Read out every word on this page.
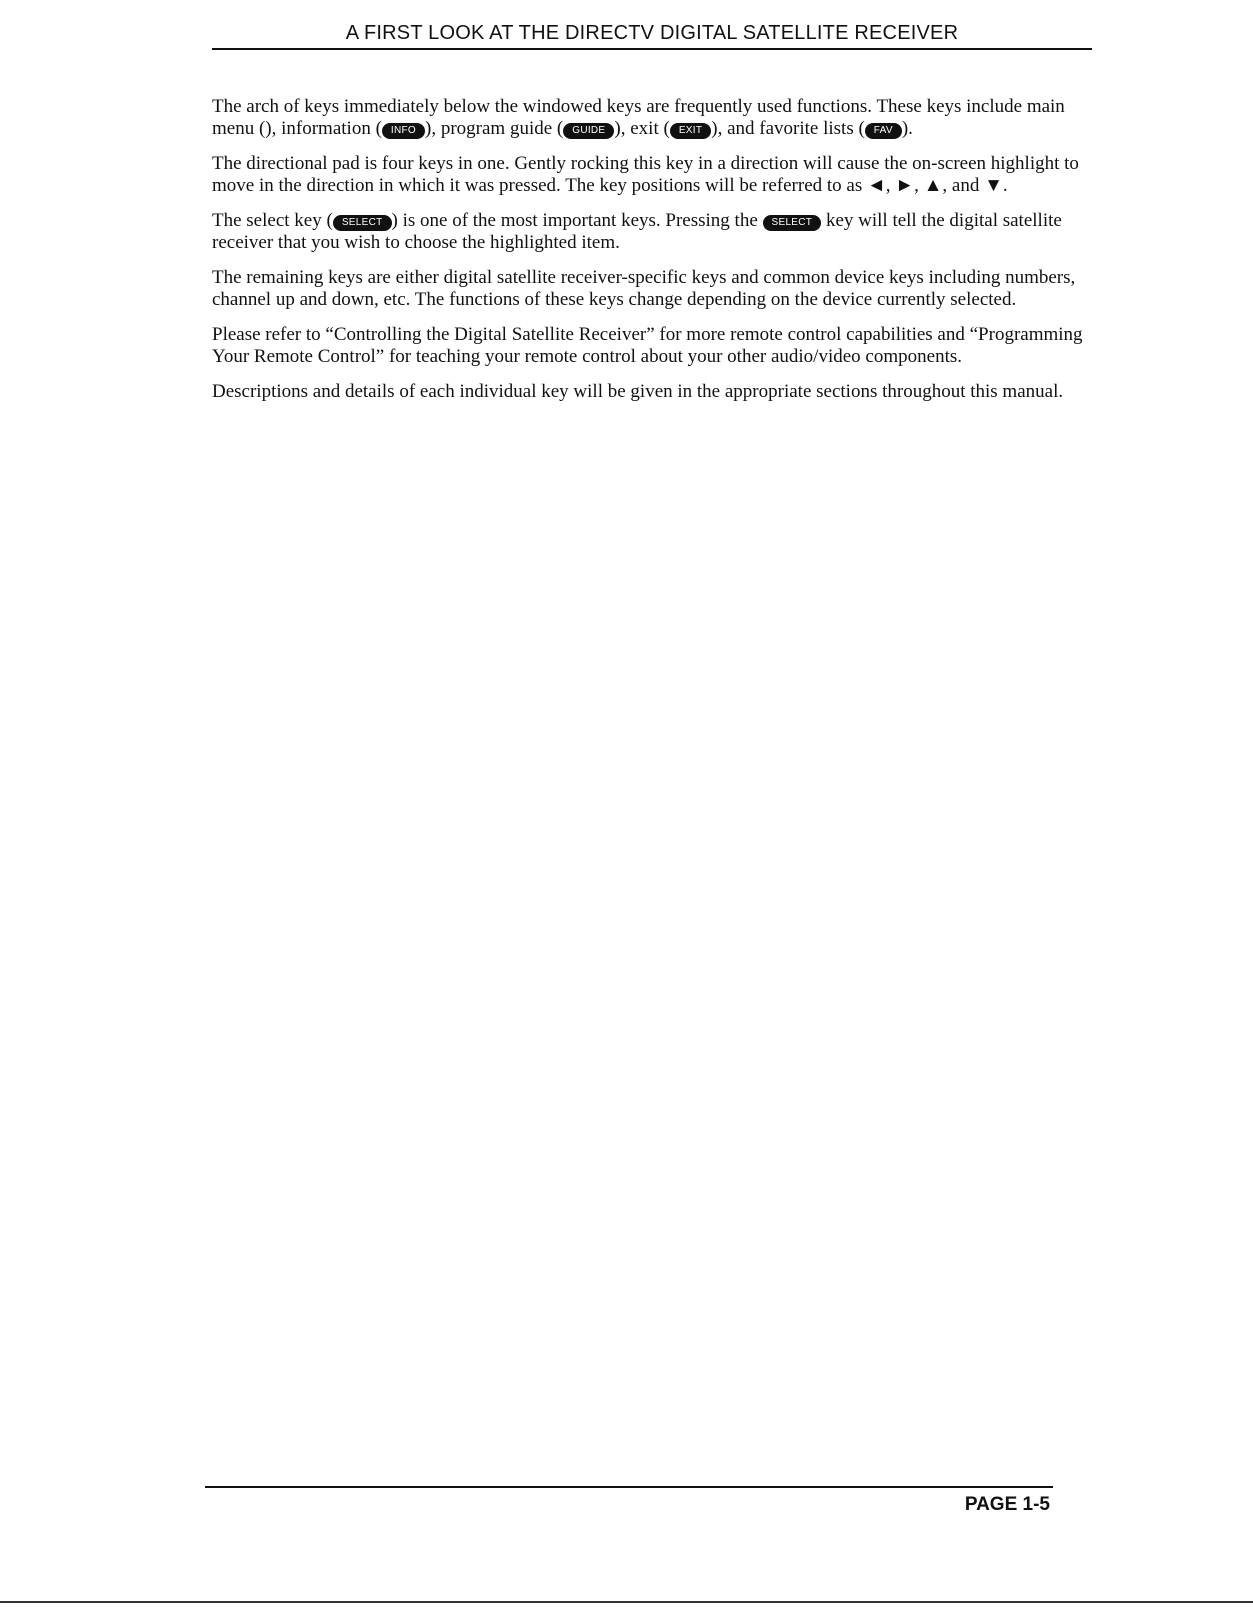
A FIRST LOOK AT THE DIRECTV DIGITAL SATELLITE RECEIVER

The arch of keys immediately below the windowed keys are frequently used functions. These keys include main menu (), information ( INFO ), program guide ( GUIDE ), exit ( EXIT ), and favorite lists ( FAV ).

The directional pad is four keys in one. Gently rocking this key in a direction will cause the on-screen highlight to move in the direction in which it was pressed. The key positions will be referred to as ◄, ►, ▲, and ▼.

The select key ( SELECT ) is one of the most important keys. Pressing the SELECT key will tell the digital satellite receiver that you wish to choose the highlighted item.

The remaining keys are either digital satellite receiver-specific keys and common device keys including numbers, channel up and down, etc. The functions of these keys change depending on the device currently selected.

Please refer to “Controlling the Digital Satellite Receiver” for more remote control capabilities and “Programming Your Remote Control” for teaching your remote control about your other audio/video components.

Descriptions and details of each individual key will be given in the appropriate sections throughout this manual.

PAGE 1-5
